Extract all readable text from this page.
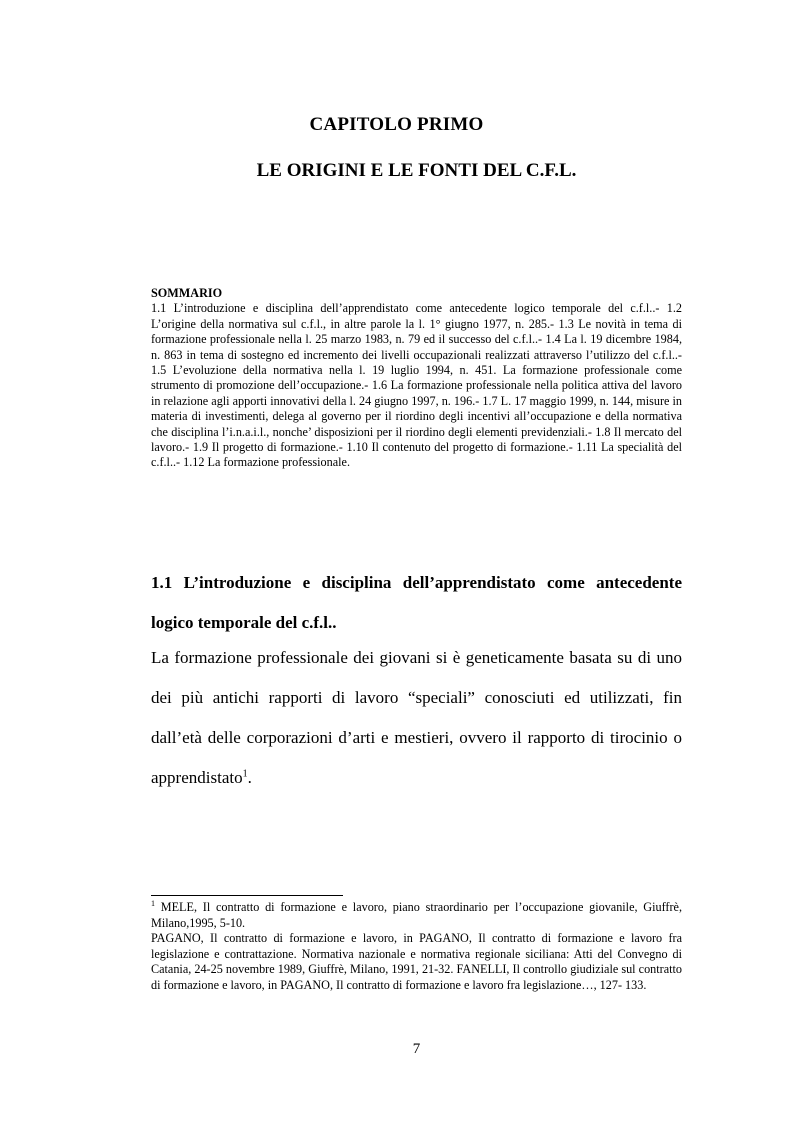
CAPITOLO PRIMO
LE ORIGINI E LE FONTI DEL C.F.L.
SOMMARIO
1.1 L’introduzione e disciplina dell’apprendistato come antecedente logico temporale del c.f.l..- 1.2 L’origine della normativa sul c.f.l., in altre parole la l. 1° giugno 1977, n. 285.- 1.3 Le novità in tema di formazione professionale nella l. 25 marzo 1983, n. 79 ed il successo del c.f.l..- 1.4 La l. 19 dicembre 1984, n. 863 in tema di sostegno ed incremento dei livelli occupazionali realizzati attraverso l’utilizzo del c.f.l..- 1.5 L’evoluzione della normativa nella l. 19 luglio 1994, n. 451. La formazione professionale come strumento di promozione dell’occupazione.- 1.6 La formazione professionale nella politica attiva del lavoro in relazione agli apporti innovativi della l. 24 giugno 1997, n. 196.- 1.7 L. 17 maggio 1999, n. 144, misure in materia di investimenti, delega al governo per il riordino degli incentivi all’occupazione e della normativa che disciplina l’i.n.a.i.l., nonche’ disposizioni per il riordino degli elementi previdenziali.- 1.8 Il mercato del lavoro.- 1.9 Il progetto di formazione.- 1.10 Il contenuto del progetto di formazione.- 1.11 La specialità del c.f.l..- 1.12 La formazione professionale.
1.1 L’introduzione e disciplina dell’apprendistato come antecedente logico temporale del c.f.l..
La formazione professionale dei giovani si è geneticamente basata su di uno dei più antichi rapporti di lavoro “speciali” conosciuti ed utilizzati, fin dall’età delle corporazioni d’arti e mestieri, ovvero il rapporto di tirocinio o apprendistato$^1$.

$^1$ MELE, Il contratto di formazione e lavoro, piano straordinario per l’occupazione giovanile, Giuffrè, Milano,1995, 5-10.

PAGANO, Il contratto di formazione e lavoro, in PAGANO, Il contratto di formazione e lavoro fra legislazione e contrattazione. Normativa nazionale e normativa regionale siciliana: Atti del Convegno di Catania, 24-25 novembre 1989, Giuffrè, Milano, 1991, 21-32. FANELLI, Il controllo giudiziale sul contratto di formazione e lavoro, in PAGANO, Il contratto di formazione e lavoro fra legislazione…, 127- 133.

7
